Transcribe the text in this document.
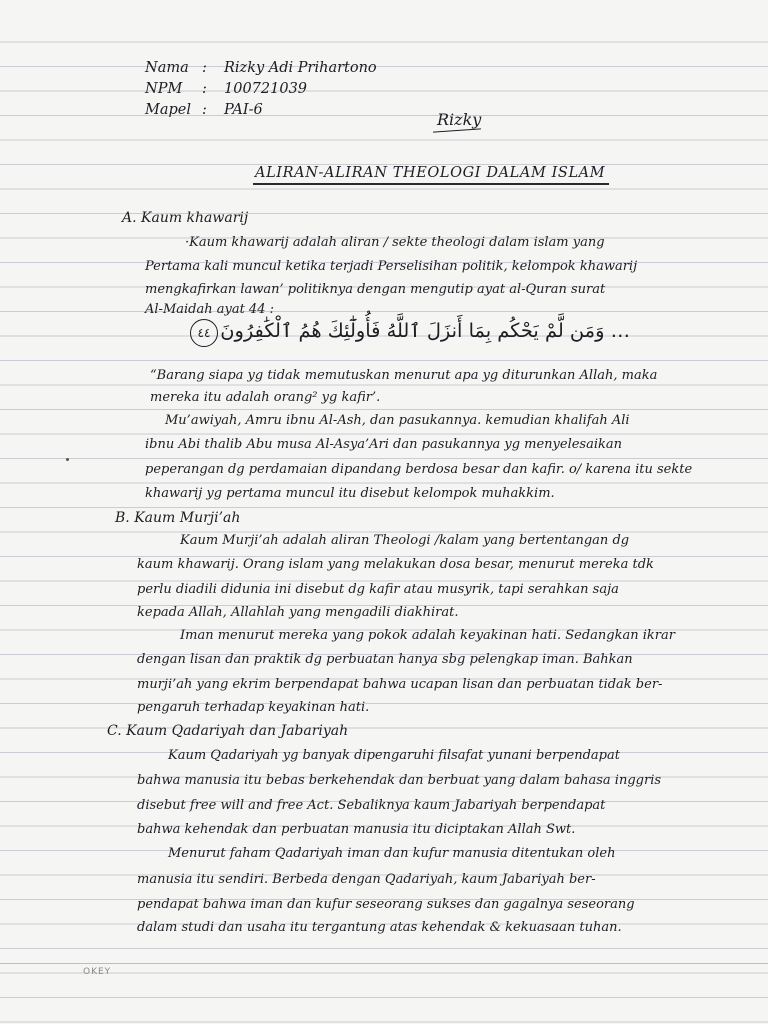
Nama : Rizky Adi Prihartono
NPM : 100721039
Mapel : PAI-6	Rizky
ALIRAN-ALIRAN THEOLOGI DALAM ISLAM
A. Kaum khawarij
·Kaum khawarij adalah aliran / sekte theologi dalam islam yang
Pertama kali muncul ketika terjadi Perselisihan politik, kelompok khawarij
mengkafirkan lawan’ politiknya dengan mengutip ayat al-Quran surat
Al-Maidah ayat 44 :
٤٤ … وَمَن لَّمْ يَحْكُم بِمَا أَنزَلَ ٱللَّهُ فَأُولَٰٓئِكَ هُمُ ٱلْكَٰفِرُونَ
“Barang siapa yg tidak memutuskan menurut apa yg diturunkan Allah, maka
mereka itu adalah orang² yg kafir’.
Mu’awiyah, Amru ibnu Al-Ash, dan pasukannya. kemudian khalifah Ali
ibnu Abi thalib Abu musa Al-Asya’Ari dan pasukannya yg menyelesaikan
peperangan dg perdamaian dipandang berdosa besar dan kafir. o/ karena itu sekte
khawarij yg pertama muncul itu disebut kelompok muhakkim.
B. Kaum Murji’ah
Kaum Murji’ah adalah aliran Theologi /kalam yang bertentangan dg
kaum khawarij. Orang islam yang melakukan dosa besar, menurut mereka tdk
perlu diadili didunia ini disebut dg kafir atau musyrik, tapi serahkan saja
kepada Allah, Allahlah yang mengadili diakhirat.
Iman menurut mereka yang pokok adalah keyakinan hati. Sedangkan ikrar
dengan lisan dan praktik dg perbuatan hanya sbg pelengkap iman. Bahkan
murji’ah yang ekrim berpendapat bahwa ucapan lisan dan perbuatan tidak ber-
pengaruh terhadap keyakinan hati.
C. Kaum Qadariyah dan Jabariyah
Kaum Qadariyah yg banyak dipengaruhi filsafat yunani berpendapat
bahwa manusia itu bebas berkehendak dan berbuat yang dalam bahasa inggris
disebut free will and free Act. Sebaliknya kaum Jabariyah berpendapat
bahwa kehendak dan perbuatan manusia itu diciptakan Allah Swt.
Menurut faham Qadariyah iman dan kufur manusia ditentukan oleh
manusia itu sendiri. Berbeda dengan Qadariyah, kaum Jabariyah ber-
pendapat bahwa iman dan kufur seseorang sukses dan gagalnya seseorang
dalam studi dan usaha itu tergantung atas kehendak & kekuasaan tuhan.
OKEY
